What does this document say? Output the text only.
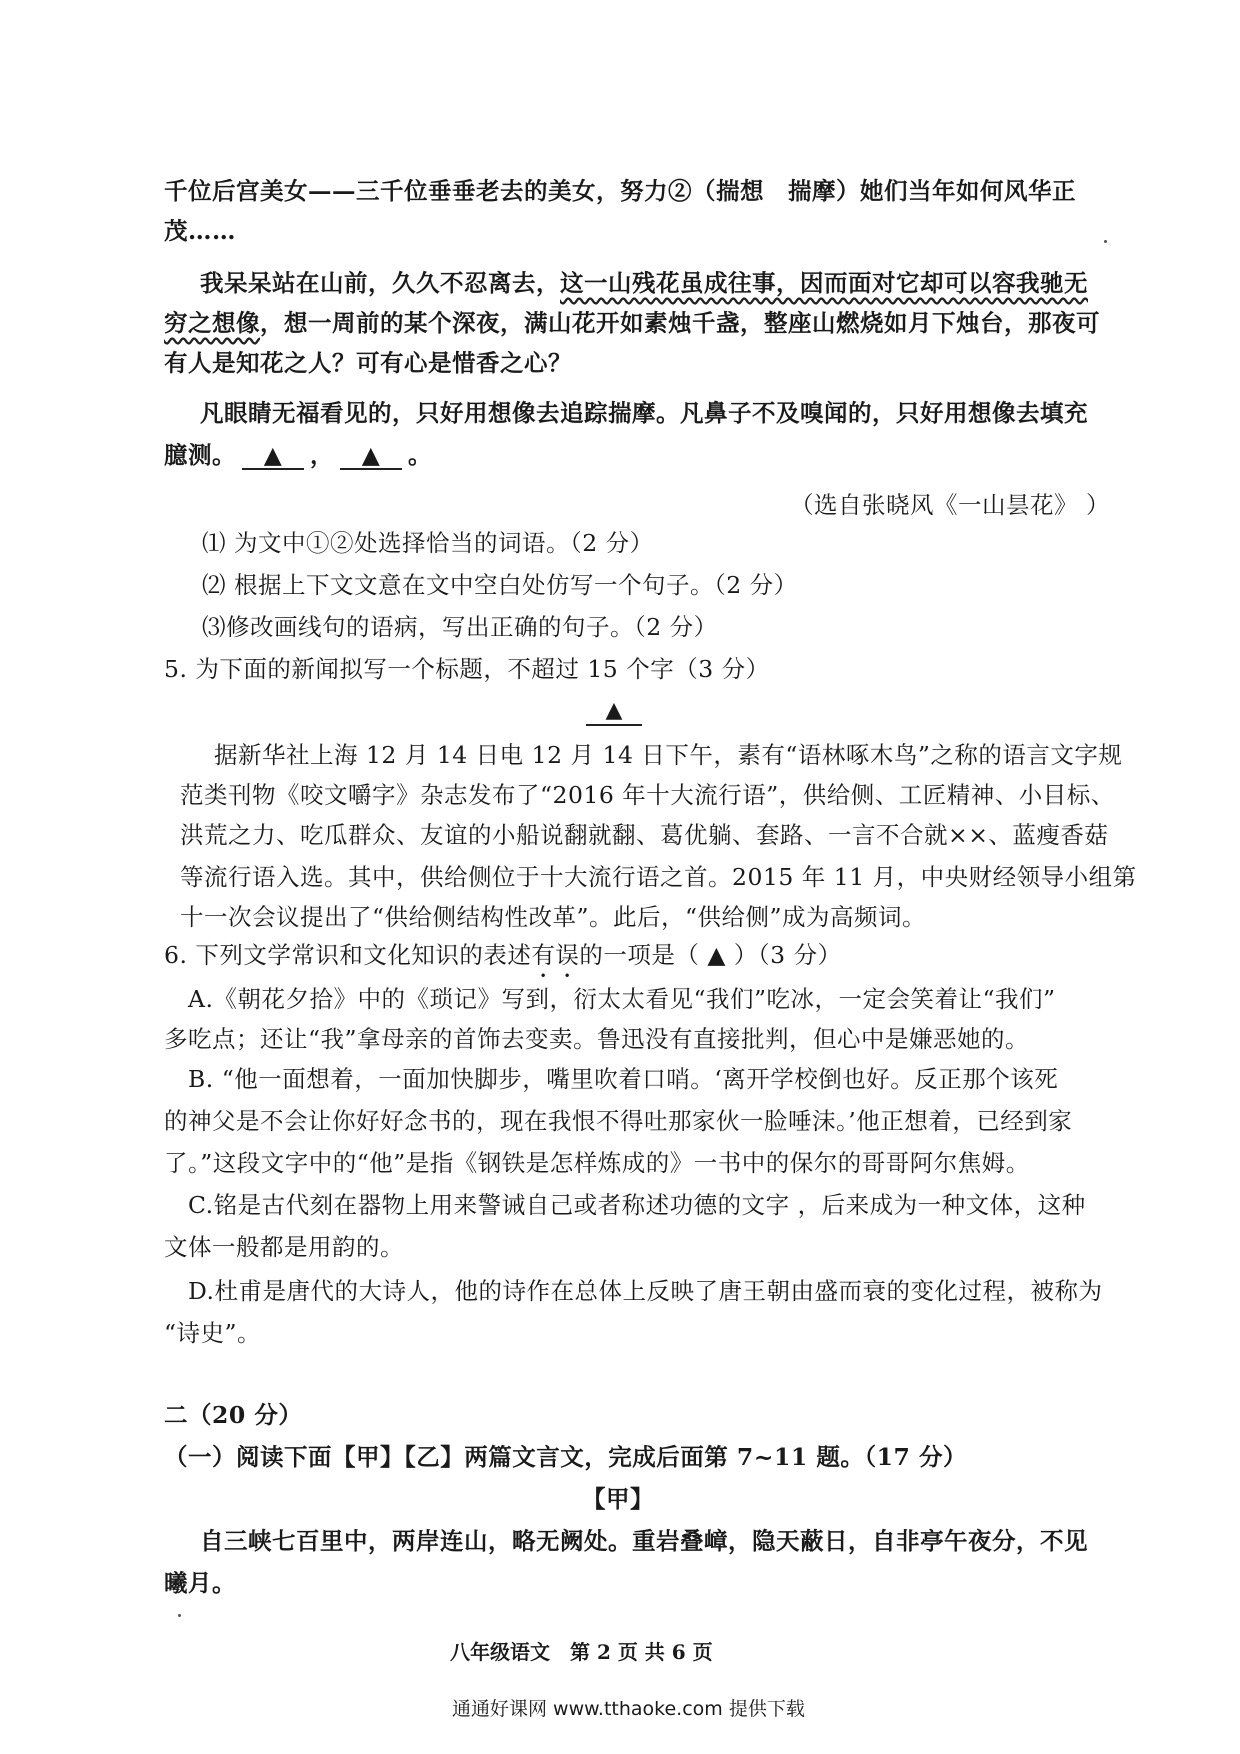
千位后宫美女——三千位垂垂老去的美女，努力②（揣想　揣摩）她们当年如何风华正
茂……
我呆呆站在山前，久久不忍离去，这一山残花虽成往事，因而面对它却可以容我驰无
穷之想像，想一周前的某个深夜，满山花开如素烛千盏，整座山燃烧如月下烛台，那夜可
有人是知花之人？可有心是惜香之心？
凡眼睛无福看见的，只好用想像去追踪揣摩。凡鼻子不及嗅闻的，只好用想像去填充
臆测。 ▲ ， ▲ 。
（选自张晓风《一山昙花》 ）
⑴ 为文中①②处选择恰当的词语。（2 分）
⑵ 根据上下文文意在文中空白处仿写一个句子。（2 分）
⑶修改画线句的语病，写出正确的句子。（2 分）
5. 为下面的新闻拟写一个标题，不超过 15 个字（3 分）
▲
据新华社上海 12 月 14 日电 12 月 14 日下午，素有“语林啄木鸟”之称的语言文字规
范类刊物《咬文嚼字》杂志发布了“2016 年十大流行语”，供给侧、工匠精神、小目标、
洪荒之力、吃瓜群众、友谊的小船说翻就翻、葛优躺、套路、一言不合就××、蓝瘦香菇
等流行语入选。其中，供给侧位于十大流行语之首。2015 年 11 月，中央财经领导小组第
十一次会议提出了“供给侧结构性改革”。此后，“供给侧”成为高频词。
6. 下列文学常识和文化知识的表述有误的一项是（ ▲ ）（3 分）
A.《朝花夕拾》中的《琐记》写到，衍太太看见“我们”吃冰，一定会笑着让“我们”
多吃点；还让“我”拿母亲的首饰去变卖。鲁迅没有直接批判，但心中是嫌恶她的。
B. “他一面想着，一面加快脚步，嘴里吹着口哨。‘离开学校倒也好。反正那个该死
的神父是不会让你好好念书的，现在我恨不得吐那家伙一脸唾沫。’他正想着，已经到家
了。”这段文字中的“他”是指《钢铁是怎样炼成的》一书中的保尔的哥哥阿尔焦姆。
C.铭是古代刻在器物上用来警诫自己或者称述功德的文字 ，后来成为一种文体，这种
文体一般都是用韵的。
D.杜甫是唐代的大诗人，他的诗作在总体上反映了唐王朝由盛而衰的变化过程，被称为
“诗史”。
二（20 分）
（一）阅读下面【甲】【乙】两篇文言文，完成后面第 7~11 题。（17 分）
【甲】
自三峡七百里中，两岸连山，略无阙处。重岩叠嶂，隐天蔽日，自非亭午夜分，不见
曦月。
八年级语文　第 2 页 共 6 页
通通好课网 www.tthaoke.com 提供下载
